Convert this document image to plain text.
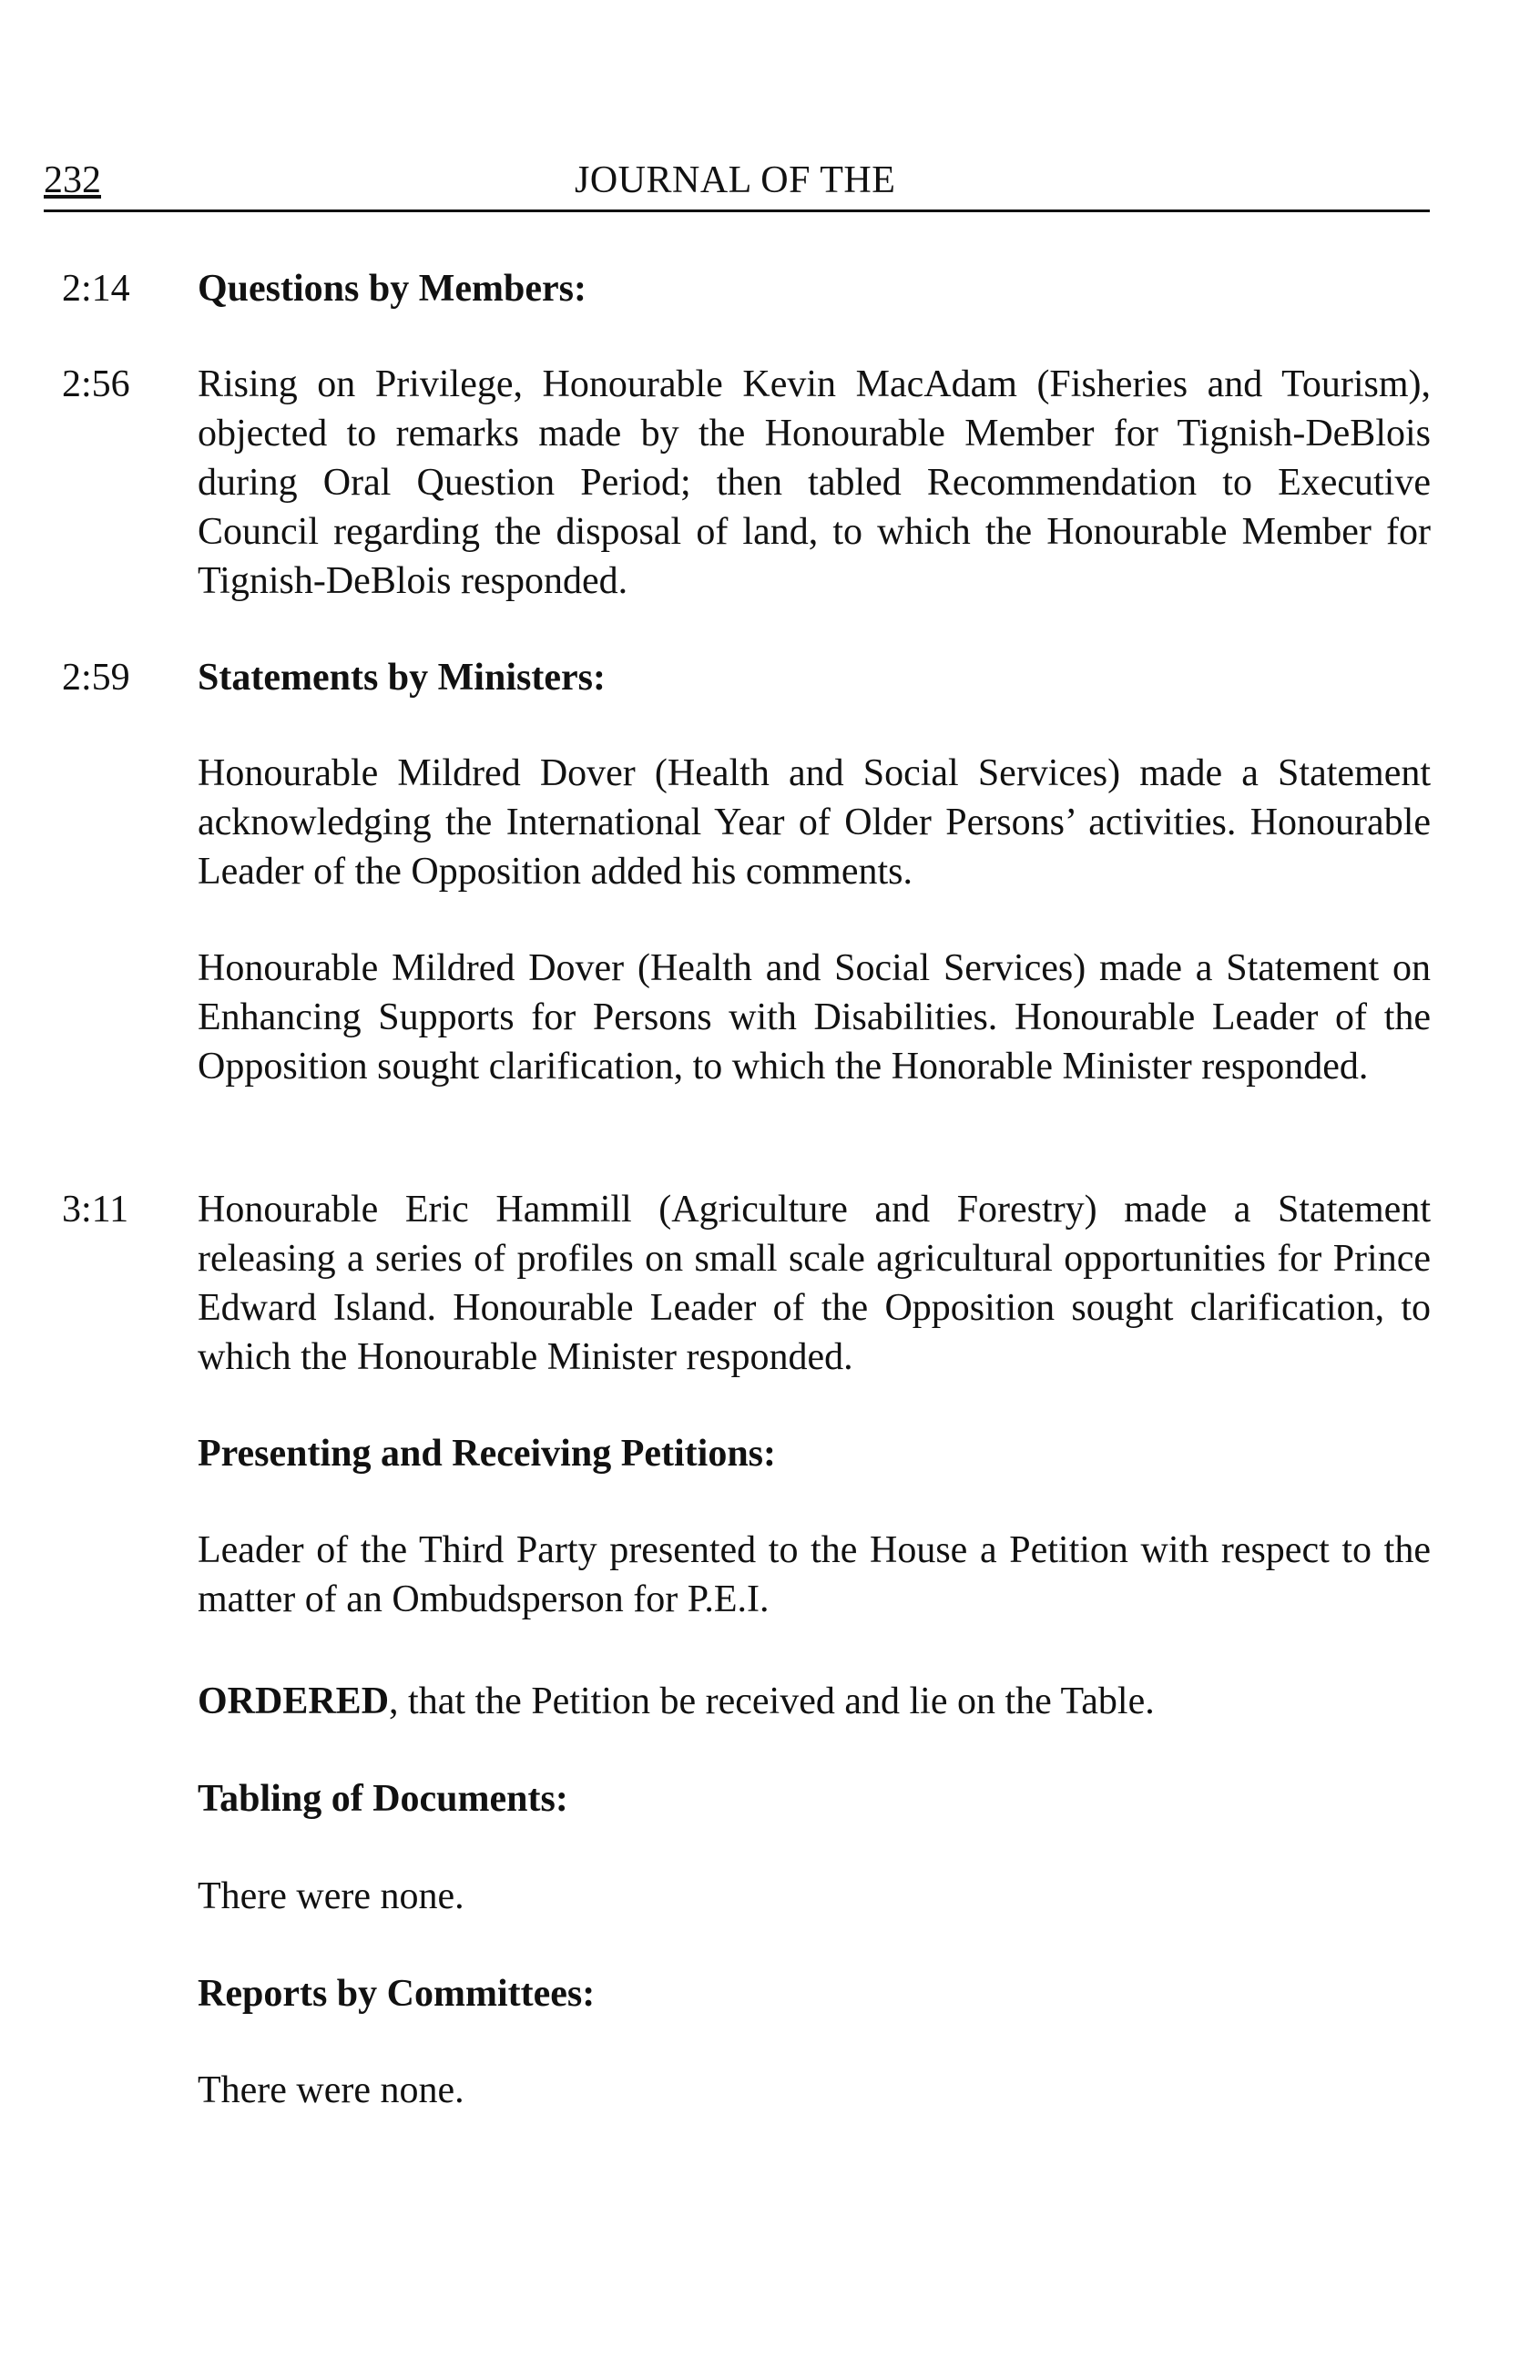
232	JOURNAL OF THE
2:14 Questions by Members:
2:56 Rising on Privilege, Honourable Kevin MacAdam (Fisheries and Tourism), objected to remarks made by the Honourable Member for Tignish-DeBlois during Oral Question Period; then tabled Recommendation to Executive Council regarding the disposal of land, to which the Honourable Member for Tignish-DeBlois responded.
2:59 Statements by Ministers:
Honourable Mildred Dover (Health and Social Services) made a Statement acknowledging the International Year of Older Persons’ activities. Honourable Leader of the Opposition added his comments.
Honourable Mildred Dover (Health and Social Services) made a Statement on Enhancing Supports for Persons with Disabilities. Honourable Leader of the Opposition sought clarification, to which the Honorable Minister responded.
3:11 Honourable Eric Hammill (Agriculture and Forestry) made a Statement releasing a series of profiles on small scale agricultural opportunities for Prince Edward Island. Honourable Leader of the Opposition sought clarification, to which the Honourable Minister responded.
Presenting and Receiving Petitions:
Leader of the Third Party presented to the House a Petition with respect to the matter of an Ombudsperson for P.E.I.
ORDERED, that the Petition be received and lie on the Table.
Tabling of Documents:
There were none.
Reports by Committees:
There were none.
